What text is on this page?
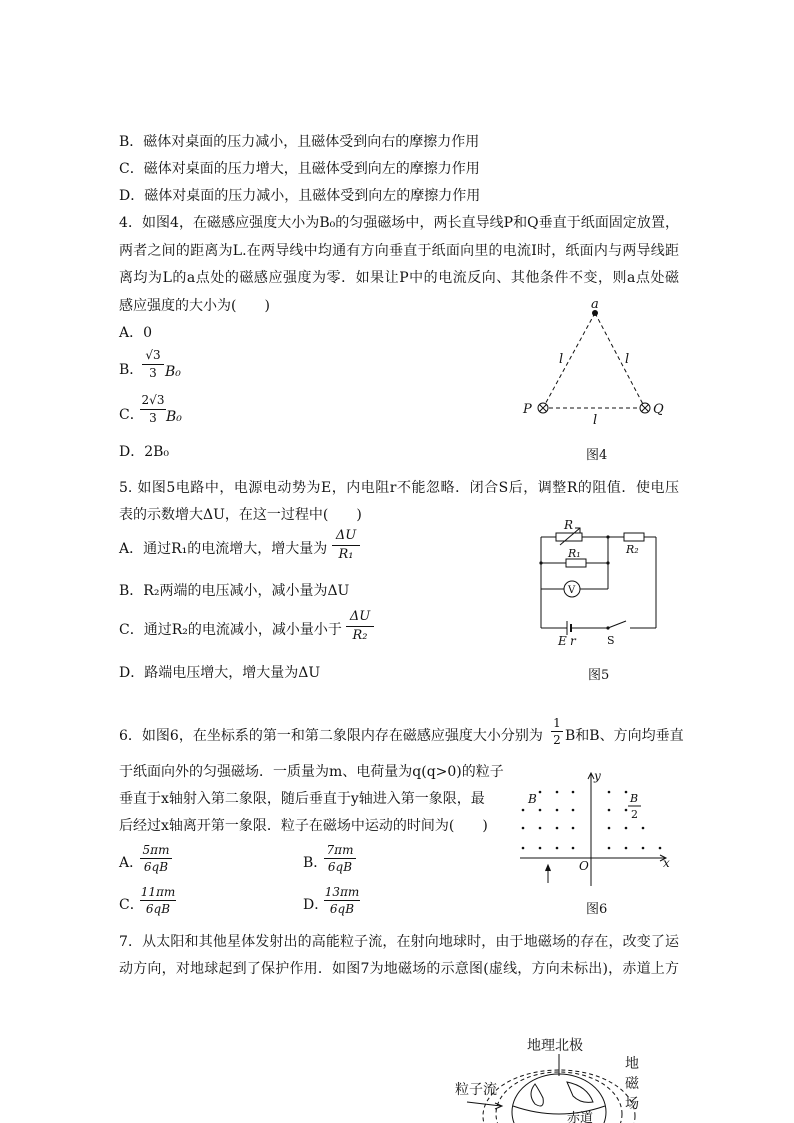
B．磁体对桌面的压力减小，且磁体受到向右的摩擦力作用
C．磁体对桌面的压力增大，且磁体受到向左的摩擦力作用
D．磁体对桌面的压力减小，且磁体受到向左的摩擦力作用
4．如图4，在磁感应强度大小为B₀的匀强磁场中，两长直导线P和Q垂直于纸面固定放置，
两者之间的距离为L.在两导线中均通有方向垂直于纸面向里的电流I时，纸面内与两导线距
离均为L的a点处的磁感应强度为零．如果让P中的电流反向、其他条件不变，则a点处磁
感应强度的大小为(　　)
A．0
B．
√3
3 B₀
C．
2√3
3 B₀
D．2B₀
a
P	Q
l	l
l
图4
5. 如图5电路中，电源电动势为E，内电阻r不能忽略．闭合S后，调整R的阻值．使电压
表的示数增大ΔU，在这一过程中(　　)
A．通过R₁的电流增大，增大量为
ΔU
R₁
B．R₂两端的电压减小，减小量为ΔU
C．通过R₂的电流减小，减小量小于
ΔU
R₂
D．路端电压增大，增大量为ΔU
R
R₁	R₂
V
E r	S
图5
6．如图6，在坐标系的第一和第二象限内存在磁感应强度大小分别为
1
2 B和B、方向均垂直
于纸面向外的匀强磁场．一质量为m、电荷量为q(q>0)的粒子
垂直于x轴射入第二象限，随后垂直于y轴进入第一象限，最
后经过x轴离开第一象限．粒子在磁场中运动的时间为(　　)
A．
5πm
6qB	B．
7πm
6qB
C．
11πm
6qB	D．
13πm
6qB
y
x
O
B	B
2
图6
7．从太阳和其他星体发射出的高能粒子流，在射向地球时，由于地磁场的存在，改变了运
动方向，对地球起到了保护作用．如图7为地磁场的示意图(虚线，方向未标出)，赤道上方
地理北极
粒子流
赤道
地
磁
场
